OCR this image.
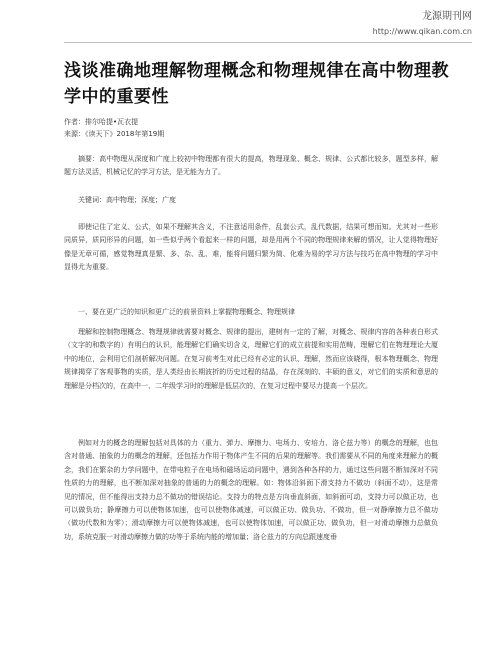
龙源期刊网
http://www.qikan.com.cn
浅谈准确地理解物理概念和物理规律在高中物理教学中的重要性
作者：排尔哈提•瓦衣提
来源：《读天下》2018年第19期
摘要：高中物理从深度和广度上较初中物理都有很大的提高，物理现象、概念、规律、公式都比较多，题型多样，解题方法灵活，机械记忆的学习方法，是无能为力了。
关键词：高中物理；深度；广度
即使记住了定义、公式，如果不理解其含义，不注意适用条件，乱套公式，乱代数据，结果可想而知。尤其对一些形同质异，质同形异的问题，如一些似乎两个看起来一样的问题，却是用两个不同的物理规律来解的情况，让人觉得物理好像是无章可循，感觉物理真是繁、多、杂、乱、难，能将问题归繁为简、化难为易的学习方法与技巧在高中物理的学习中显得尤为重要。
一、要在更广泛的知识和更广泛的前景资料上掌握物理概念、物理规律
理解和控制物理概念、物理规律就需要对概念、规律的提出，建树有一定的了解，对概念、规律内容的各种表白形式（文字的和数字的）有明白的认识，能理解它们确实切含义，理解它们的成立前提和实用范畴，理解它们在物理理论大厦中的地位，会利用它们剖析解决问题。在复习前考生对此已经有必定的认识、理解，然而应该晓得，根本物理概念、物理规律揭穿了客观事物的实质，是人类经由长期波折的历史过程的结晶，存在深刻的、丰硕的意义，对它们的实质和意思的理解是分档次的，在高中一、二年级学习时的理解是低层次的，在复习过程中要尽力提高一个层次。
例如对力的概念的理解包括对具体的力（重力、弹力、摩擦力、电场力、安培力、洛仑兹力等）的概念的理解，也包含对普通、抽象的力的概念的理解，还包括力作用于物体产生不同的后果的理解等。我们需要从不同的角度来理解力的概念，我们在繁杂的力学问题中，在带电粒子在电场和磁场运动问题中，遇到各种各样的力，通过这些问题不断加深对不同性质的力的理解，也不断加深对抽象的普通的力的概念的理解。如：物体沿斜面下滑支持力不做功（斜面不动），这是常见的情况，但不能得出支持力总不做功的错误结论。支持力的特点是方向垂直斜面，如斜面可动，支持力可以做正功，也可以做负功；静摩擦力可以使物体加速，也可以使物体减速，可以做正功、做负功、不做功，但一对静摩擦力总不做功（做功代数和为零）；滑动摩擦力可以使物体减速，也可以使物体加速，可以做正功、做负功，但一对滑动摩擦力总做负功，系统克服一对滑动摩擦力做的功等于系统内能的增加量；洛仑兹力的方向总跟速度垂
